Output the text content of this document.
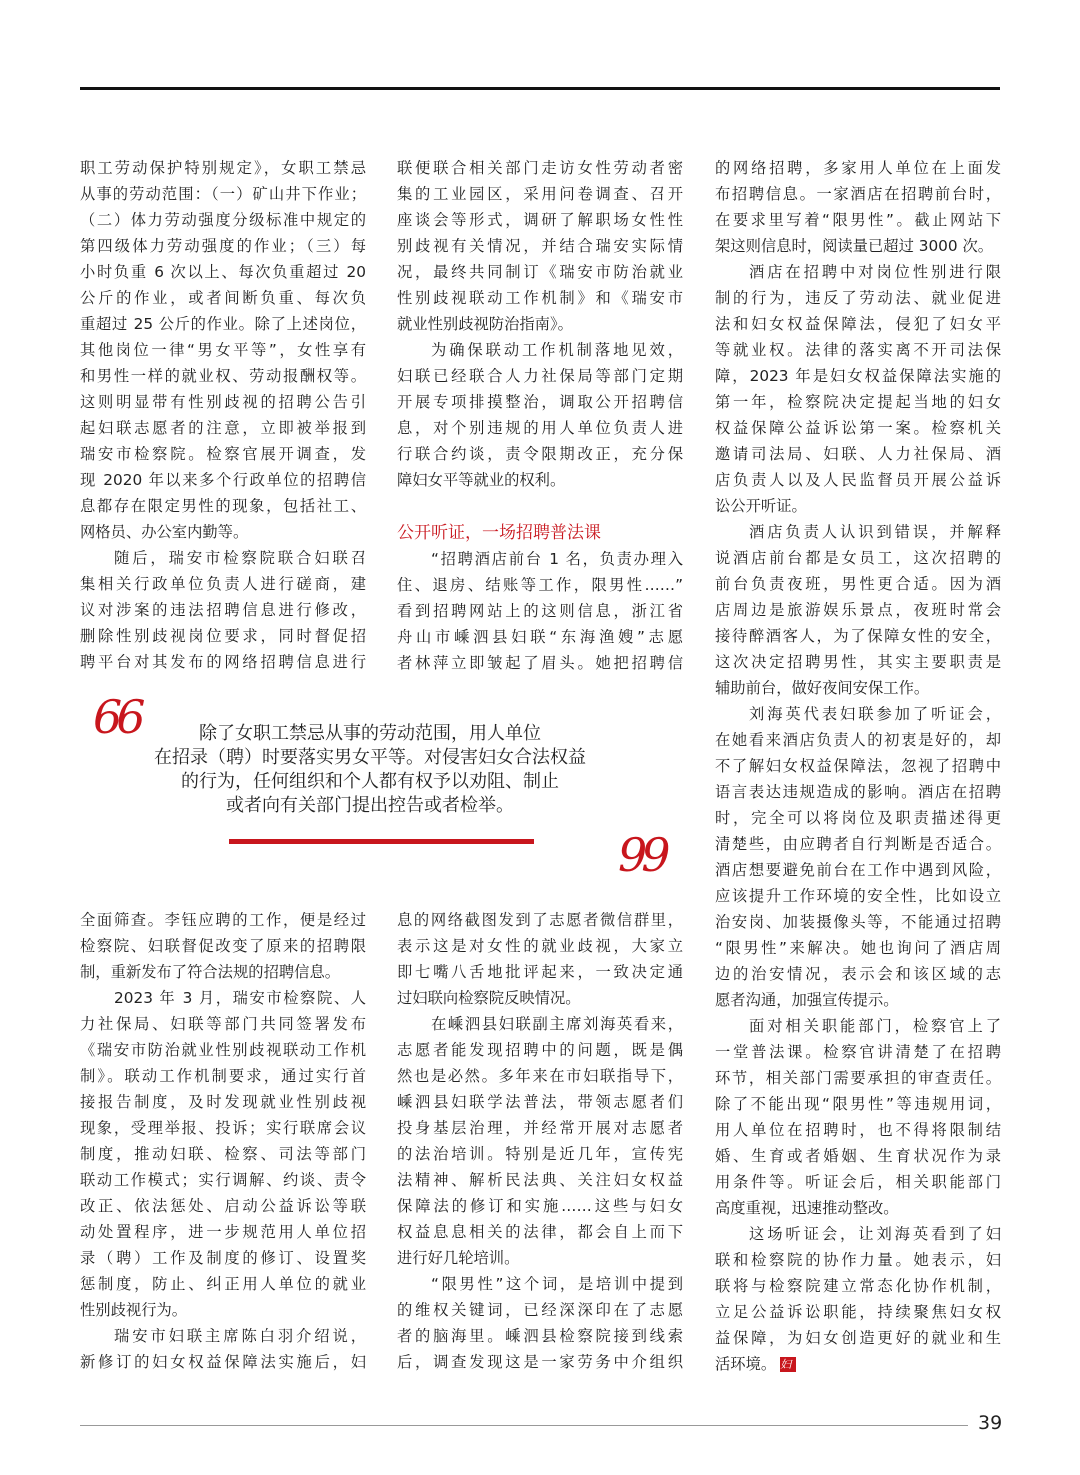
职工劳动保护特别规定》，女职工禁忌
从事的劳动范围：（一）矿山井下作业；
（二）体力劳动强度分级标准中规定的
第四级体力劳动强度的作业；（三）每
小时负重 6 次以上、每次负重超过 20
公斤的作业，或者间断负重、每次负
重超过 25 公斤的作业。除了上述岗位，
其他岗位一律“男女平等”，女性享有
和男性一样的就业权、劳动报酬权等。
这则明显带有性别歧视的招聘公告引
起妇联志愿者的注意，立即被举报到
瑞安市检察院。检察官展开调查，发
现 2020 年以来多个行政单位的招聘信
息都存在限定男性的现象，包括社工、
网格员、办公室内勤等。
随后，瑞安市检察院联合妇联召
集相关行政单位负责人进行磋商，建
议对涉案的违法招聘信息进行修改，
删除性别歧视岗位要求，同时督促招
聘平台对其发布的网络招聘信息进行
联便联合相关部门走访女性劳动者密
集的工业园区，采用问卷调查、召开
座谈会等形式，调研了解职场女性性
别歧视有关情况，并结合瑞安实际情
况，最终共同制订《瑞安市防治就业
性别歧视联动工作机制》和《瑞安市
就业性别歧视防治指南》。
为确保联动工作机制落地见效，
妇联已经联合人力社保局等部门定期
开展专项排摸整治，调取公开招聘信
息，对个别违规的用人单位负责人进
行联合约谈，责令限期改正，充分保
障妇女平等就业的权利。
公开听证，一场招聘普法课
“招聘酒店前台 1 名，负责办理入
住、退房、结账等工作，限男性……”
看到招聘网站上的这则信息，浙江省
舟山市嵊泗县妇联“东海渔嫂”志愿
者林萍立即皱起了眉头。她把招聘信
的网络招聘，多家用人单位在上面发
布招聘信息。一家酒店在招聘前台时，
在要求里写着“限男性”。截止网站下
架这则信息时，阅读量已超过 3000 次。
酒店在招聘中对岗位性别进行限
制的行为，违反了劳动法、就业促进
法和妇女权益保障法，侵犯了妇女平
等就业权。法律的落实离不开司法保
障，2023 年是妇女权益保障法实施的
第一年，检察院决定提起当地的妇女
权益保障公益诉讼第一案。检察机关
邀请司法局、妇联、人力社保局、酒
店负责人以及人民监督员开展公益诉
讼公开听证。
酒店负责人认识到错误，并解释
说酒店前台都是女员工，这次招聘的
前台负责夜班，男性更合适。因为酒
店周边是旅游娱乐景点，夜班时常会
接待醉酒客人，为了保障女性的安全，
这次决定招聘男性，其实主要职责是
辅助前台，做好夜间安保工作。
刘海英代表妇联参加了听证会，
在她看来酒店负责人的初衷是好的，却
不了解妇女权益保障法，忽视了招聘中
语言表达违规造成的影响。酒店在招聘
时，完全可以将岗位及职责描述得更
清楚些，由应聘者自行判断是否适合。
酒店想要避免前台在工作中遇到风险，
应该提升工作环境的安全性，比如设立
治安岗、加装摄像头等，不能通过招聘
“限男性”来解决。她也询问了酒店周
边的治安情况，表示会和该区域的志
愿者沟通，加强宣传提示。
面对相关职能部门，检察官上了
一堂普法课。检察官讲清楚了在招聘
环节，相关部门需要承担的审查责任。
除了不能出现“限男性”等违规用词，
用人单位在招聘时，也不得将限制结
婚、生育或者婚姻、生育状况作为录
用条件等。听证会后，相关职能部门
高度重视，迅速推动整改。
这场听证会，让刘海英看到了妇
联和检察院的协作力量。她表示，妇
联将与检察院建立常态化协作机制，
立足公益诉讼职能，持续聚焦妇女权
益保障，为妇女创造更好的就业和生
活环境。 妇
全面筛查。李钰应聘的工作，便是经过
检察院、妇联督促改变了原来的招聘限
制，重新发布了符合法规的招聘信息。
2023 年 3 月，瑞安市检察院、人
力社保局、妇联等部门共同签署发布
《瑞安市防治就业性别歧视联动工作机
制》。联动工作机制要求，通过实行首
接报告制度，及时发现就业性别歧视
现象，受理举报、投诉；实行联席会议
制度，推动妇联、检察、司法等部门
联动工作模式；实行调解、约谈、责令
改正、依法惩处、启动公益诉讼等联
动处置程序，进一步规范用人单位招
录（聘）工作及制度的修订、设置奖
惩制度，防止、纠正用人单位的就业
性别歧视行为。
瑞安市妇联主席陈白羽介绍说，
新修订的妇女权益保障法实施后，妇
息的网络截图发到了志愿者微信群里，
表示这是对女性的就业歧视，大家立
即七嘴八舌地批评起来，一致决定通
过妇联向检察院反映情况。
在嵊泗县妇联副主席刘海英看来，
志愿者能发现招聘中的问题，既是偶
然也是必然。多年来在市妇联指导下，
嵊泗县妇联学法普法，带领志愿者们
投身基层治理，并经常开展对志愿者
的法治培训。特别是近几年，宣传宪
法精神、解析民法典、关注妇女权益
保障法的修订和实施……这些与妇女
权益息息相关的法律，都会自上而下
进行好几轮培训。
“限男性”这个词，是培训中提到
的维权关键词，已经深深印在了志愿
者的脑海里。嵊泗县检察院接到线索
后，调查发现这是一家劳务中介组织
66	除了女职工禁忌从事的劳动范围，用人单位
在招录（聘）时要落实男女平等。对侵害妇女合法权益
的行为，任何组织和个人都有权予以劝阻、制止
或者向有关部门提出控告或者检举。
99
39
